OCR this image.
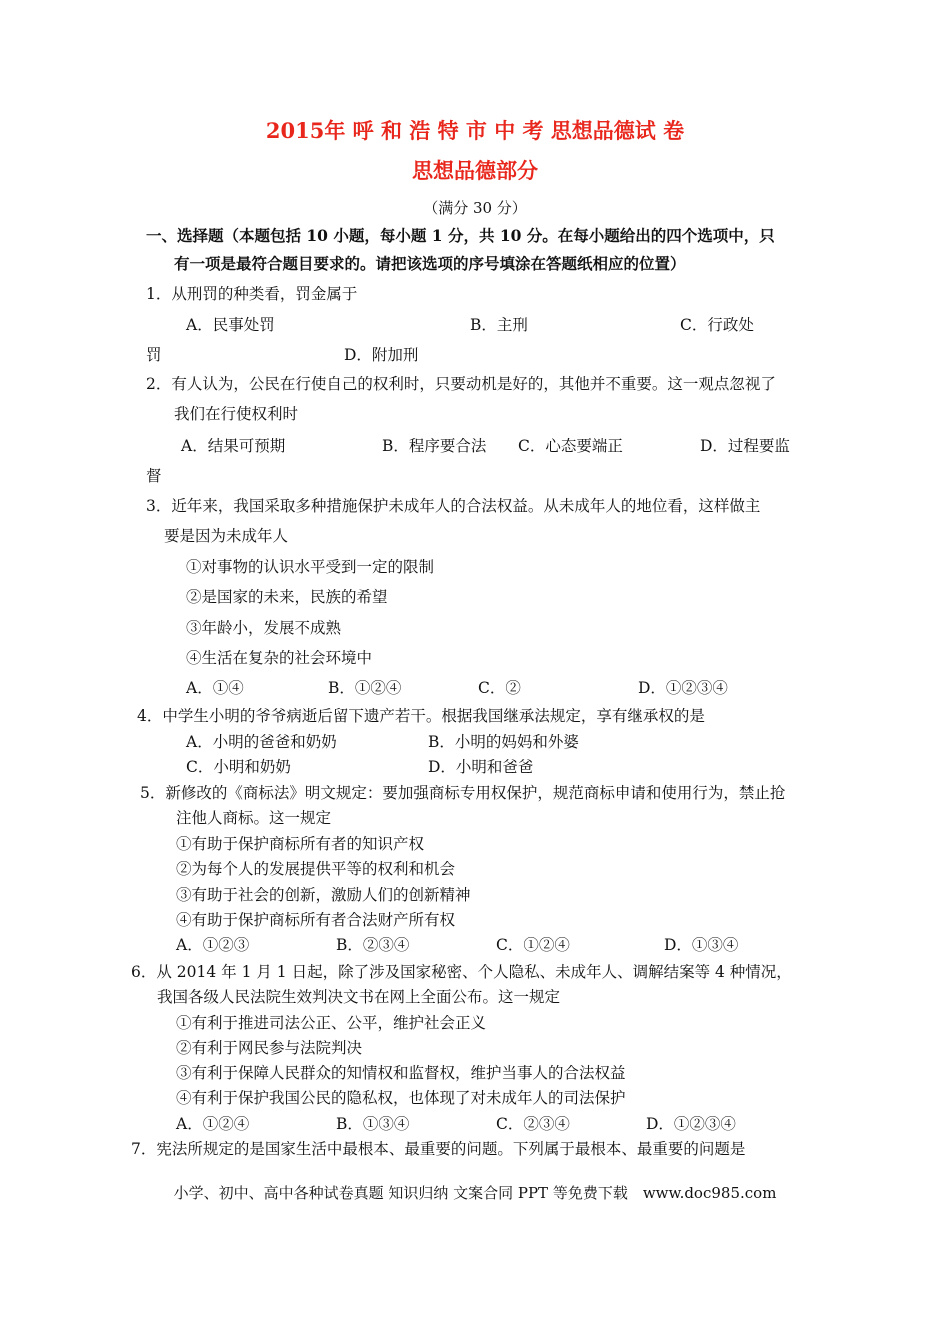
2015年 呼 和 浩 特 市 中 考 思想品德试 卷
思想品德部分
（满分 30 分）
一、选择题（本题包括 10 小题，每小题 1 分，共 10 分。在每小题给出的四个选项中，只
有一项是最符合题目要求的。请把该选项的序号填涂在答题纸相应的位置）
1．从刑罚的种类看，罚金属于
A．民事处罚	B．主刑	C．行政处
罚	D．附加刑
2．有人认为，公民在行使自己的权利时，只要动机是好的，其他并不重要。这一观点忽视了
我们在行使权利时
A．结果可预期	B．程序要合法 C．心态要端正	D．过程要监
督
3．近年来，我国采取多种措施保护未成年人的合法权益。从未成年人的地位看，这样做主
要是因为未成年人
①对事物的认识水平受到一定的限制
②是国家的未来，民族的希望
③年龄小，发展不成熟
④生活在复杂的社会环境中
A．①④	B．①②④	C．②	D．①②③④
4．中学生小明的爷爷病逝后留下遗产若干。根据我国继承法规定，享有继承权的是
A．小明的爸爸和奶奶	B．小明的妈妈和外婆
C．小明和奶奶	D．小明和爸爸
5．新修改的《商标法》明文规定：要加强商标专用权保护，规范商标申请和使用行为，禁止抢
注他人商标。这一规定
①有助于保护商标所有者的知识产权
②为每个人的发展提供平等的权利和机会
③有助于社会的创新，激励人们的创新精神
④有助于保护商标所有者合法财产所有权
A．①②③	B．②③④	C．①②④	D．①③④
6．从 2014 年 1 月 1 日起，除了涉及国家秘密、个人隐私、未成年人、调解结案等 4 种情况，
我国各级人民法院生效判决文书在网上全面公布。这一规定
①有利于推进司法公正、公平，维护社会正义
②有利于网民参与法院判决
③有利于保障人民群众的知情权和监督权，维护当事人的合法权益
④有利于保护我国公民的隐私权，也体现了对未成年人的司法保护
A．①②④	B．①③④	C．②③④	D．①②③④
7．宪法所规定的是国家生活中最根本、最重要的问题。下列属于最根本、最重要的问题是
小学、初中、高中各种试卷真题 知识归纳 文案合同 PPT 等免费下载　www.doc985.com
